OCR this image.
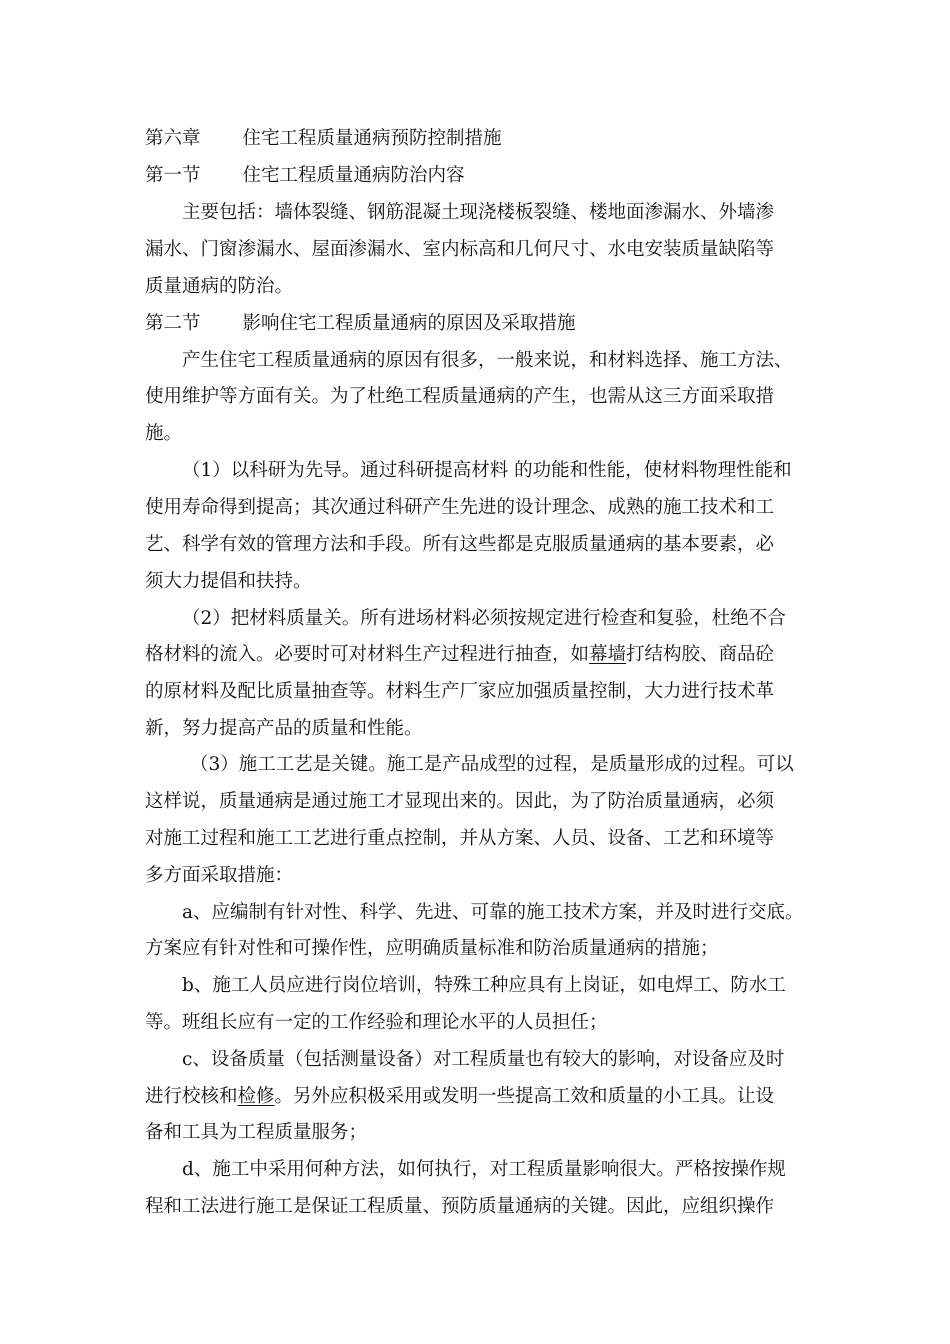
第六章 住宅工程质量通病预防控制措施
第一节 住宅工程质量通病防治内容
主要包括：墙体裂缝、钢筋混凝土现浇楼板裂缝、楼地面渗漏水、外墙渗
漏水、门窗渗漏水、屋面渗漏水、室内标高和几何尺寸、水电安装质量缺陷等
质量通病的防治。
第二节 影响住宅工程质量通病的原因及采取措施
产生住宅工程质量通病的原因有很多，一般来说，和材料选择、施工方法、
使用维护等方面有关。为了杜绝工程质量通病的产生，也需从这三方面采取措
施。
（1）以科研为先导。通过科研提高材料 的功能和性能，使材料物理性能和
使用寿命得到提高；其次通过科研产生先进的设计理念、成熟的施工技术和工
艺、科学有效的管理方法和手段。所有这些都是克服质量通病的基本要素，必
须大力提倡和扶持。
（2）把材料质量关。所有进场材料必须按规定进行检查和复验，杜绝不合
格材料的流入。必要时可对材料生产过程进行抽查，如幕墙打结构胶、商品砼
的原材料及配比质量抽查等。材料生产厂家应加强质量控制，大力进行技术革
新，努力提高产品的质量和性能。
（3）施工工艺是关键。施工是产品成型的过程，是质量形成的过程。可以
这样说，质量通病是通过施工才显现出来的。因此，为了防治质量通病，必须
对施工过程和施工工艺进行重点控制，并从方案、人员、设备、工艺和环境等
多方面采取措施：
a、应编制有针对性、科学、先进、可靠的施工技术方案，并及时进行交底。
方案应有针对性和可操作性，应明确质量标准和防治质量通病的措施；
b、施工人员应进行岗位培训，特殊工种应具有上岗证，如电焊工、防水工
等。班组长应有一定的工作经验和理论水平的人员担任；
c、设备质量（包括测量设备）对工程质量也有较大的影响，对设备应及时
进行校核和检修。另外应积极采用或发明一些提高工效和质量的小工具。让设
备和工具为工程质量服务；
d、施工中采用何种方法，如何执行，对工程质量影响很大。严格按操作规
程和工法进行施工是保证工程质量、预防质量通病的关键。因此，应组织操作
